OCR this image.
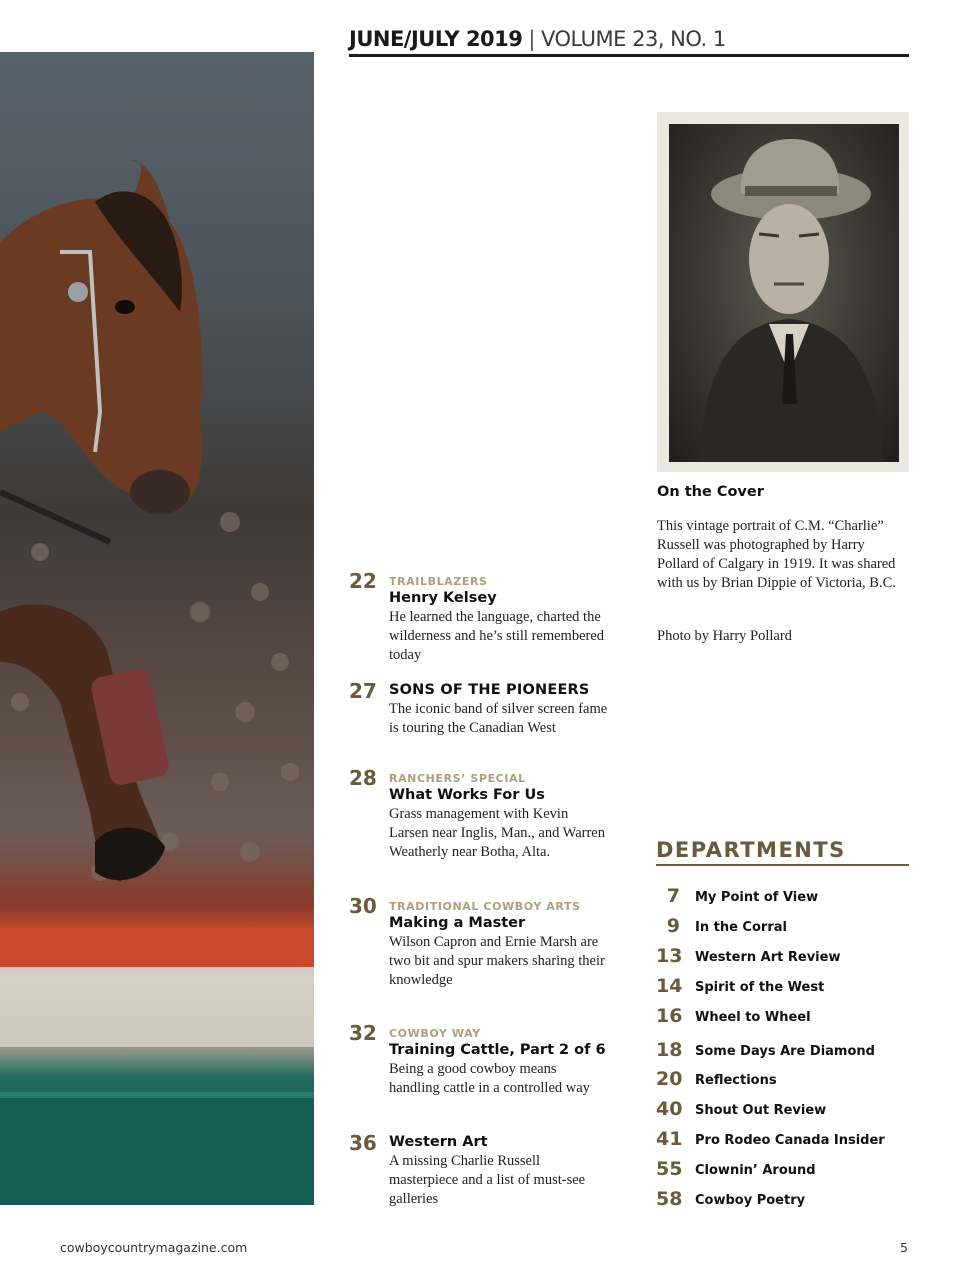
JUNE/JULY 2019 | VOLUME 23, NO. 1
On the Cover
This vintage portrait of C.M. “Charlie” Russell was photographed by Harry Pollard of Calgary in 1919. It was shared with us by Brian Dippie of Victoria, B.C.
Photo by Harry Pollard
22 TRAILBLAZERS
Henry Kelsey
He learned the language, charted the wilderness and he’s still remembered today
27 SONS OF THE PIONEERS
The iconic band of silver screen fame is touring the Canadian West
28 RANCHERS’ SPECIAL
What Works For Us
Grass management with Kevin Larsen near Inglis, Man., and Warren Weatherly near Botha, Alta.
30 TRADITIONAL COWBOY ARTS
Making a Master
Wilson Capron and Ernie Marsh are two bit and spur makers sharing their knowledge
32 COWBOY WAY
Training Cattle, Part 2 of 6
Being a good cowboy means handling cattle in a controlled way
36 Western Art
A missing Charlie Russell masterpiece and a list of must-see galleries
DEPARTMENTS
7 My Point of View
9 In the Corral
13 Western Art Review
14 Spirit of the West
16 Wheel to Wheel
18 Some Days Are Diamond
20 Reflections
40 Shout Out Review
41 Pro Rodeo Canada Insider
55 Clownin’ Around
58 Cowboy Poetry
cowboycountrymagazine.com	5
